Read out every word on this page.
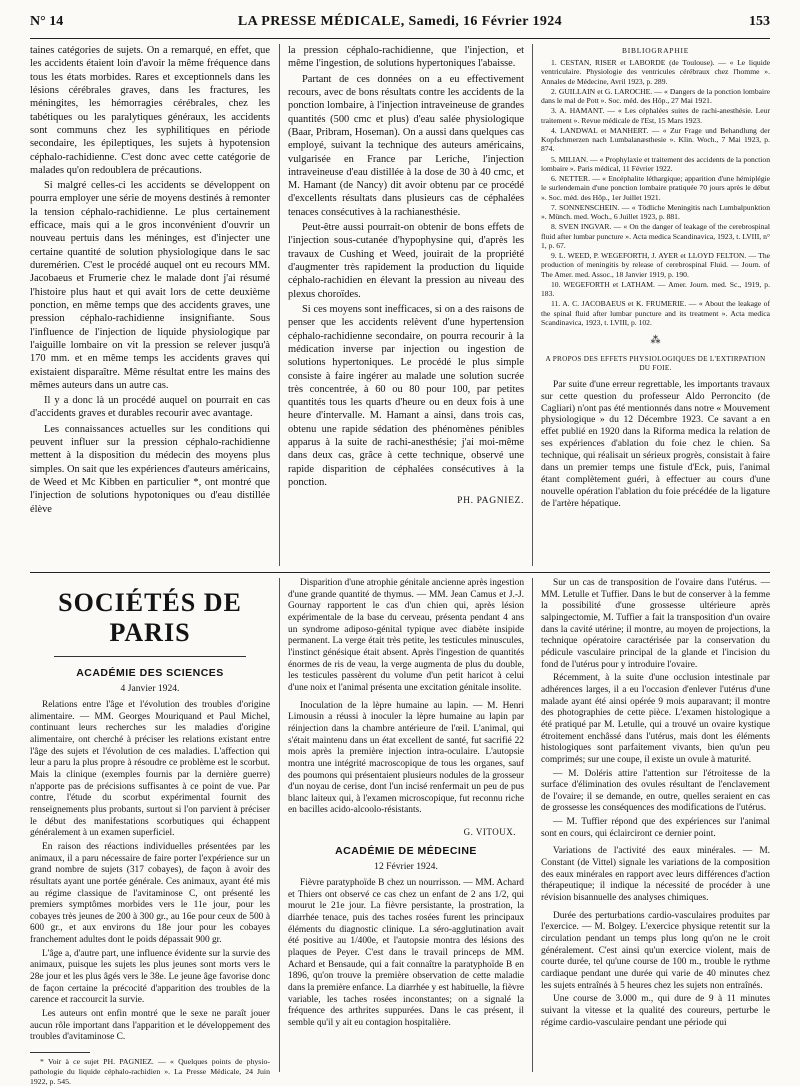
N° 14	LA PRESSE MÉDICALE, Samedi, 16 Février 1924	153

taines catégories de sujets. On a remarqué, en effet, que les accidents étaient loin d'avoir la même fréquence dans tous les états morbides. Rares et exceptionnels dans les lésions cérébrales graves, dans les fractures, les méningites, les hémorragies cérébrales, chez les tabétiques ou les paralytiques généraux, les accidents sont communs chez les syphilitiques en période secondaire, les épileptiques, les sujets à hypotension céphalo-rachidienne. C'est donc avec cette catégorie de malades qu'on redoublera de précautions.

Si malgré celles-ci les accidents se développent on pourra employer une série de moyens destinés à remonter la tension céphalo-rachidienne. Le plus certainement efficace, mais qui a le gros inconvénient d'ouvrir un nouveau pertuis dans les méninges, est d'injecter une certaine quantité de solution physiologique dans le sac duremérien. C'est le procédé auquel ont eu recours MM. Jacobaeus et Frumerie chez le malade dont j'ai résumé l'histoire plus haut et qui avait lors de cette deuxième ponction, en même temps que des accidents graves, une pression céphalo-rachidienne insignifiante. Sous l'influence de l'injection de liquide physiologique par l'aiguille lombaire on vit la pression se relever jusqu'à 170 mm. et en même temps les accidents graves qui existaient disparaître. Même résultat entre les mains des mêmes auteurs dans un autre cas.

Il y a donc là un procédé auquel on pourrait en cas d'accidents graves et durables recourir avec avantage.

Les connaissances actuelles sur les conditions qui peuvent influer sur la pression céphalo-rachidienne mettent à la disposition du médecin des moyens plus simples. On sait que les expériences d'auteurs américains, de Weed et Mc Kibben en particulier *, ont montré que l'injection de solutions hypotoniques ou d'eau distillée élève

la pression céphalo-rachidienne, que l'injection, et même l'ingestion, de solutions hypertoniques l'abaisse.

Partant de ces données on a eu effectivement recours, avec de bons résultats contre les accidents de la ponction lombaire, à l'injection intraveineuse de grandes quantités (500 cmc et plus) d'eau salée physiologique (Baar, Pribram, Hoseman). On a aussi dans quelques cas employé, suivant la technique des auteurs américains, vulgarisée en France par Leriche, l'injection intraveineuse d'eau distillée à la dose de 30 à 40 cmc, et M. Hamant (de Nancy) dit avoir obtenu par ce procédé d'excellents résultats dans plusieurs cas de céphalées tenaces consécutives à la rachianesthésie.

Peut-être aussi pourrait-on obtenir de bons effets de l'injection sous-cutanée d'hypophysine qui, d'après les travaux de Cushing et Weed, jouirait de la propriété d'augmenter très rapidement la production du liquide céphalo-rachidien en élevant la pression au niveau des plexus choroïdes.

Si ces moyens sont inefficaces, si on a des raisons de penser que les accidents relèvent d'une hypertension céphalo-rachidienne secondaire, on pourra recourir à la médication inverse par injection ou ingestion de solutions hypertoniques. Le procédé le plus simple consiste à faire ingérer au malade une solution sucrée très concentrée, à 60 ou 80 pour 100, par petites quantités tous les quarts d'heure ou en deux fois à une heure d'intervalle. M. Hamant a ainsi, dans trois cas, obtenu une rapide sédation des phénomènes pénibles apparus à la suite de rachi-anesthésie; j'ai moi-même dans deux cas, grâce à cette technique, observé une rapide disparition de céphalées consécutives à la ponction.

PH. PAGNIEZ.
BIBLIOGRAPHIE

1. CESTAN, RISER et LABORDE (de Toulouse). — « Le liquide ventriculaire. Physiologie des ventricules cérébraux chez l'homme ». Annales de Médecine, Avril 1923, p. 289.

2. GUILLAIN et G. LAROCHE. — « Dangers de la ponction lombaire dans le mal de Pott ». Soc. méd. des Hôp., 27 Mai 1921.

3. A. HAMANT. — « Les céphalées suites de rachi-anesthésie. Leur traitement ». Revue médicale de l'Est, 15 Mars 1923.

4. LANDWAL et MANHERT. — « Zur Frage und Behandlung der Kopfschmerzen nach Lumbalanæsthesie ». Klin. Woch., 7 Mai 1923, p. 874.

5. MILIAN. — « Prophylaxie et traitement des accidents de la ponction lombaire ». Paris médical, 11 Février 1922.

6. NETTER. — « Encéphalite léthargique; apparition d'une hémiplégie le surlendemain d'une ponction lombaire pratiquée 70 jours après le début ». Soc. méd. des Hôp., 1er Juillet 1921.

7. SONNENSCHEIN. — « Tödliche Meningitis nach Lumbalpunktion ». Münch. med. Woch., 6 Juillet 1923, p. 881.

8. SVEN INGVAR. — « On the danger of leakage of the cerebrospinal fluid after lumbar puncture ». Acta medica Scandinavica, 1923, t. LVIII, n° 1, p. 67.

9. L. WEED, P. WEGEFORTH, J. AYER et LLOYD FELTON. — The production of meningitis by release of cerebrospinal Fluid. — Journ. of The Amer. med. Assoc., 18 Janvier 1919, p. 190.

10. WEGEFORTH et LATHAM. — Amer. Journ. med. Sc., 1919, p. 183.

11. A. C. JACOBAEUS et K. FRUMERIE. — « About the leakage of the spinal fluid after lumbar puncture and its treatment ». Acta medica Scandinavica, 1923, t. LVIII, p. 102.

⁂
A PROPOS DES EFFETS PHYSIOLOGIQUES DE L'EXTIRPATION DU FOIE.

Par suite d'une erreur regrettable, les importants travaux sur cette question du professeur Aldo Perroncito (de Cagliari) n'ont pas été mentionnés dans notre « Mouvement physiologique » du 12 Décembre 1923. Ce savant a en effet publié en 1920 dans la Riforma medica la relation de ses expériences d'ablation du foie chez le chien. Sa technique, qui réalisait un sérieux progrès, consistait à faire dans un premier temps une fistule d'Eck, puis, l'animal étant complètement guéri, à effectuer au cours d'une nouvelle opération l'ablation du foie précédée de la ligature de l'artère hépatique.

SOCIÉTÉS DE PARIS
ACADÉMIE DES SCIENCES
4 Janvier 1924.

Relations entre l'âge et l'évolution des troubles d'origine alimentaire. — MM. Georges Mouriquand et Paul Michel, continuant leurs recherches sur les maladies d'origine alimentaire, ont cherché à préciser les relations existant entre l'âge des sujets et l'évolution de ces maladies. L'affection qui leur a paru la plus propre à résoudre ce problème est le scorbut. Mais la clinique (exemples fournis par la dernière guerre) n'apporte pas de précisions suffisantes à ce point de vue. Par contre, l'étude du scorbut expérimental fournit des renseignements plus probants, surtout si l'on parvient à préciser le début des manifestations scorbutiques qui échappent généralement à un examen superficiel.

En raison des réactions individuelles présentées par les animaux, il a paru nécessaire de faire porter l'expérience sur un grand nombre de sujets (317 cobayes), de façon à avoir des résultats ayant une portée générale. Ces animaux, ayant été mis au régime classique de l'avitaminose C, ont présenté les premiers symptômes morbides vers le 11e jour, pour les cobayes très jeunes de 200 à 300 gr., au 16e pour ceux de 500 à 600 gr., et aux environs du 18e jour pour les cobayes franchement adultes dont le poids dépassait 900 gr.

L'âge a, d'autre part, une influence évidente sur la survie des animaux, puisque les sujets les plus jeunes sont morts vers le 28e jour et les plus âgés vers le 38e. Le jeune âge favorise donc de façon certaine la précocité d'apparition des troubles de la carence et raccourcit la survie.

Les auteurs ont enfin montré que le sexe ne paraît jouer aucun rôle important dans l'apparition et le développement des troubles d'avitaminose C.

* Voir à ce sujet PH. PAGNIEZ. — « Quelques points de physio-pathologie du liquide céphalo-rachidien ». La Presse Médicale, 24 Juin 1922, p. 545.

Disparition d'une atrophie génitale ancienne après ingestion d'une grande quantité de thymus. — MM. Jean Camus et J.-J. Gournay rapportent le cas d'un chien qui, après lésion expérimentale de la base du cerveau, présenta pendant 4 ans un syndrome adiposo-génital typique avec diabète insipide permanent. La verge était très petite, les testicules minuscules, l'instinct génésique était absent. Après l'ingestion de quantités énormes de ris de veau, la verge augmenta de plus du double, les testicules passèrent du volume d'un petit haricot à celui d'une noix et l'animal présenta une excitation génitale insolite.

Inoculation de la lèpre humaine au lapin. — M. Henri Limousin a réussi à inoculer la lèpre humaine au lapin par réinjection dans la chambre antérieure de l'œil. L'animal, qui s'était maintenu dans un état excellent de santé, fut sacrifié 22 mois après la première injection intra-oculaire. L'autopsie montra une intégrité macroscopique de tous les organes, sauf des poumons qui présentaient plusieurs nodules de la grosseur d'un noyau de cerise, dont l'un incisé renfermait un peu de pus blanc laiteux qui, à l'examen microscopique, fut reconnu riche en bacilles acido-alcoolo-résistants.

G. VITOUX.
ACADÉMIE DE MÉDECINE
12 Février 1924.

Fièvre paratyphoïde B chez un nourrisson. — MM. Achard et Thiers ont observé ce cas chez un enfant de 2 ans 1/2, qui mourut le 21e jour. La fièvre persistante, la prostration, la diarrhée tenace, puis des taches rosées furent les principaux éléments du diagnostic clinique. La séro-agglutination avait été positive au 1/400e, et l'autopsie montra des lésions des plaques de Peyer. C'est dans le travail princeps de MM. Achard et Bensaude, qui a fait connaître la paratyphoïde B en 1896, qu'on trouve la première observation de cette maladie dans la première enfance. La diarrhée y est habituelle, la fièvre variable, les taches rosées inconstantes; on a signalé la fréquence des arthrites suppurées. Dans le cas présent, il semble qu'il y ait eu contagion hospitalière.

Sur un cas de transposition de l'ovaire dans l'utérus. — MM. Letulle et Tuffier. Dans le but de conserver à la femme la possibilité d'une grossesse ultérieure après salpingectomie, M. Tuffier a fait la transposition d'un ovaire dans la cavité utérine; il montre, au moyen de projections, la technique opératoire caractérisée par la conservation du pédicule vasculaire principal de la glande et l'incision du fond de l'utérus pour y introduire l'ovaire.

Récemment, à la suite d'une occlusion intestinale par adhérences larges, il a eu l'occasion d'enlever l'utérus d'une malade ayant été ainsi opérée 9 mois auparavant; il montre des photographies de cette pièce. L'examen histologique a été pratiqué par M. Letulle, qui a trouvé un ovaire kystique étroitement enchâssé dans l'utérus, mais dont les éléments histologiques sont parfaitement vivants, bien qu'un peu comprimés; sur une coupe, il existe un ovule à maturité.

— M. Doléris attire l'attention sur l'étroitesse de la surface d'élimination des ovules résultant de l'enclavement de l'ovaire; il se demande, en outre, quelles seraient en cas de grossesse les conséquences des modifications de l'utérus.

— M. Tuffier répond que des expériences sur l'animal sont en cours, qui éclairciront ce dernier point.

Variations de l'activité des eaux minérales. — M. Constant (de Vittel) signale les variations de la composition des eaux minérales en rapport avec leurs différences d'action thérapeutique; il indique la nécessité de procéder à une révision bisannuelle des analyses chimiques.

Durée des perturbations cardio-vasculaires produites par l'exercice. — M. Bolgey. L'exercice physique retentit sur la circulation pendant un temps plus long qu'on ne le croit généralement. C'est ainsi qu'un exercice violent, mais de courte durée, tel qu'une course de 100 m., trouble le rythme cardiaque pendant une durée qui varie de 40 minutes chez les sujets entraînés à 5 heures chez les sujets non entraînés.

Une course de 3.000 m., qui dure de 9 à 11 minutes suivant la vitesse et la qualité des coureurs, perturbe le régime cardio-vasculaire pendant une période qui
